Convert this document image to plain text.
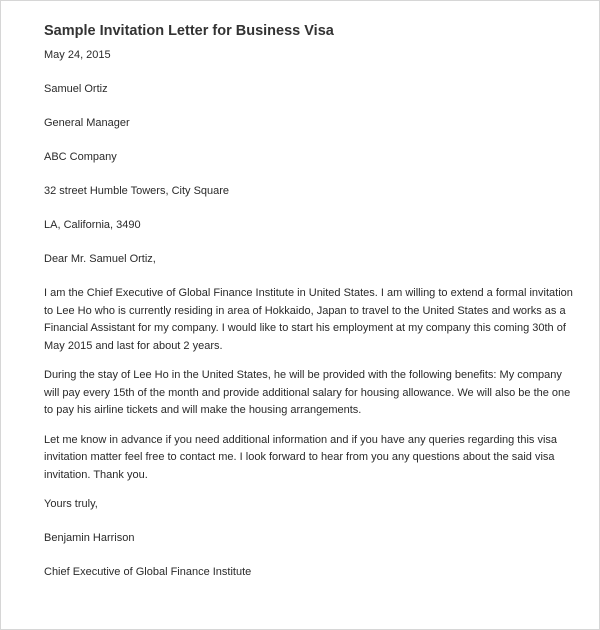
Sample Invitation Letter for Business Visa
May 24, 2015
Samuel Ortiz
General Manager
ABC Company
32 street Humble Towers, City Square
LA, California, 3490
Dear Mr. Samuel Ortiz,
I am the Chief Executive of Global Finance Institute in United States. I am willing to extend a formal invitation to Lee Ho who is currently residing in area of Hokkaido, Japan to travel to the United States and works as a Financial Assistant for my company. I would like to start his employment at my company this coming 30th of May 2015 and last for about 2 years.
During the stay of Lee Ho in the United States, he will be provided with the following benefits: My company will pay every 15th of the month and provide additional salary for housing allowance. We will also be the one to pay his airline tickets and will make the housing arrangements.
Let me know in advance if you need additional information and if you have any queries regarding this visa invitation matter feel free to contact me. I look forward to hear from you any questions about the said visa invitation. Thank you.
Yours truly,
Benjamin Harrison
Chief Executive of Global Finance Institute
